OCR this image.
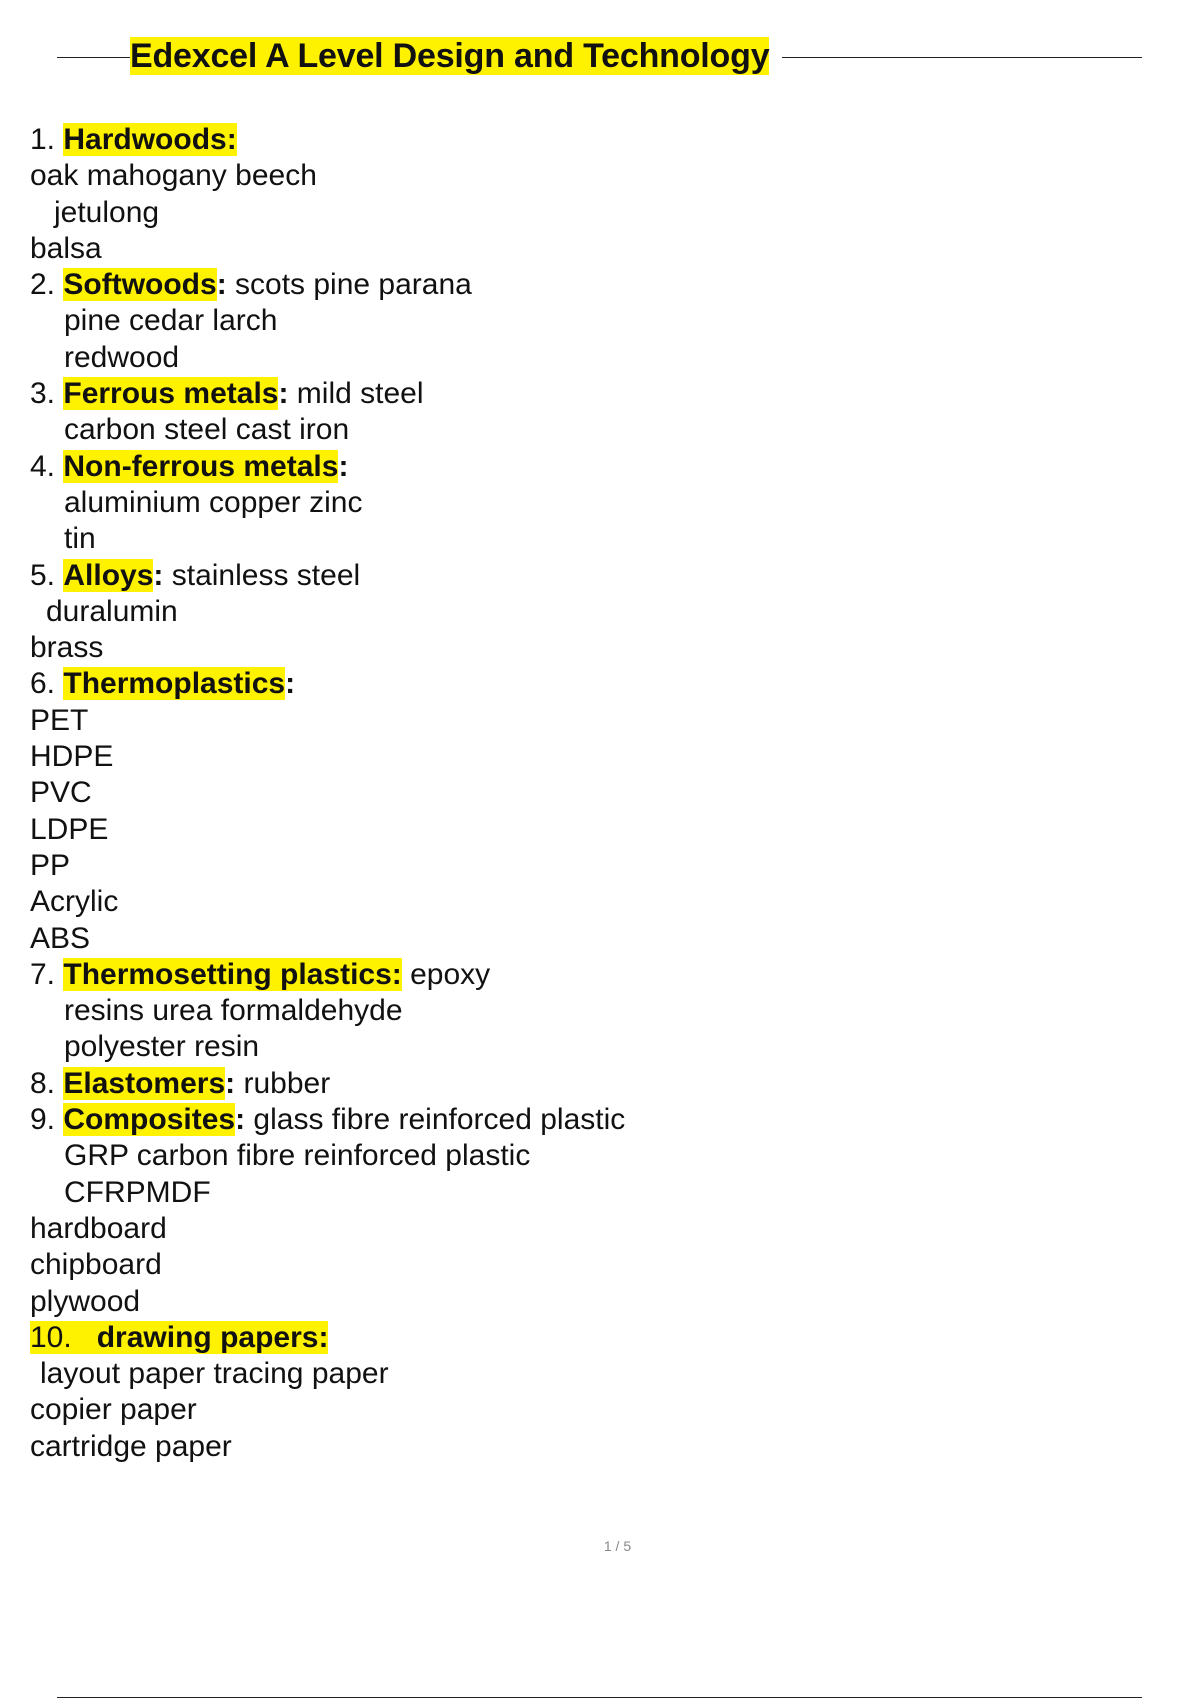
Edexcel A Level Design and Technology
1. Hardwoods:
oak mahogany beech
jetulong
balsa
2. Softwoods: scots pine parana
pine cedar larch
redwood
3. Ferrous metals: mild steel
carbon steel cast iron
4. Non-ferrous metals:
aluminium copper zinc
tin
5. Alloys: stainless steel
duralumin
brass
6. Thermoplastics:
PET
HDPE
PVC
LDPE
PP
Acrylic
ABS
7. Thermosetting plastics: epoxy
resins urea formaldehyde
polyester resin
8. Elastomers: rubber
9. Composites: glass fibre reinforced plastic
GRP carbon fibre reinforced plastic
CFRPMDF
hardboard
chipboard
plywood
10. drawing papers:
layout paper tracing paper
copier paper
cartridge paper
1 / 5
